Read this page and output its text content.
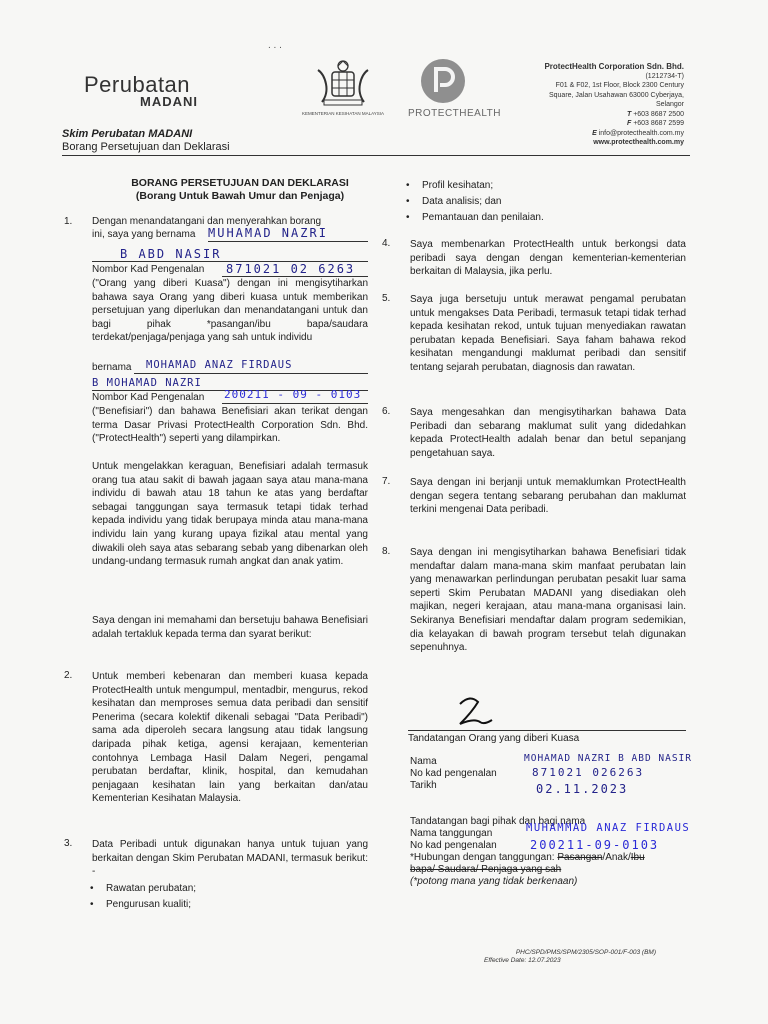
. . .
Perubatan
MADANI
KEMENTERIAN KESIHATAN MALAYSIA PROTECTHEALTH
ProtectHealth Corporation Sdn. Bhd.
(1212734-T)
F01 & F02, 1st Floor, Block 2300 Century
Square, Jalan Usahawan 63000 Cyberjaya,
Selangor
T +603 8687 2500
F +603 8687 2599
E info@protecthealth.com.my
www.protecthealth.com.my
Skim Perubatan MADANI
Borang Persetujuan dan Deklarasi
BORANG PERSETUJUAN DAN DEKLARASI
(Borang Untuk Bawah Umur dan Penjaga)
1. Dengan menandatangani dan menyerahkan borang
ini, saya yang bernama MUHAMAD NAZRI
B ABD NASIR
Nombor Kad Pengenalan 871021 02 6263
("Orang yang diberi Kuasa") dengan ini mengisytiharkan bahawa saya Orang yang diberi kuasa untuk memberikan persetujuan yang diperlukan dan menandatangani untuk dan bagi pihak *pasangan/ibu bapa/saudara terdekat/penjaga/penjaga yang sah untuk individu
bernama MOHAMAD ANAZ FIRDAUS
B MOHAMAD NAZRI
Nombor Kad Pengenalan 200211 - 09 - 0103
("Benefisiari") dan bahawa Benefisiari akan terikat dengan terma Dasar Privasi ProtectHealth Corporation Sdn. Bhd. ("ProtectHealth") seperti yang dilampirkan.
Untuk mengelakkan keraguan, Benefisiari adalah termasuk orang tua atau sakit di bawah jagaan saya atau mana-mana individu di bawah atau 18 tahun ke atas yang berdaftar sebagai tanggungan saya termasuk tetapi tidak terhad kepada individu yang tidak berupaya minda atau mana-mana individu lain yang kurang upaya fizikal atau mental yang diwakili oleh saya atas sebarang sebab yang dibenarkan oleh undang-undang termasuk rumah angkat dan anak yatim.
Saya dengan ini memahami dan bersetuju bahawa Benefisiari adalah tertakluk kepada terma dan syarat berikut:
2. Untuk memberi kebenaran dan memberi kuasa kepada ProtectHealth untuk mengumpul, mentadbir, mengurus, rekod kesihatan dan memproses semua data peribadi dan sensitif Penerima (secara kolektif dikenali sebagai "Data Peribadi") sama ada diperoleh secara langsung atau tidak langsung daripada pihak ketiga, agensi kerajaan, kementerian contohnya Lembaga Hasil Dalam Negeri, pengamal perubatan berdaftar, klinik, hospital, dan kemudahan penjagaan kesihatan lain yang berkaitan dan/atau Kementerian Kesihatan Malaysia.
3. Data Peribadi untuk digunakan hanya untuk tujuan yang berkaitan dengan Skim Perubatan MADANI, termasuk berikut: -
• Rawatan perubatan;
• Pengurusan kualiti;
• Profil kesihatan;
• Data analisis; dan
• Pemantauan dan penilaian.
4. Saya membenarkan ProtectHealth untuk berkongsi data peribadi saya dengan dengan kementerian-kementerian berkaitan di Malaysia, jika perlu.
5. Saya juga bersetuju untuk merawat pengamal perubatan untuk mengakses Data Peribadi, termasuk tetapi tidak terhad kepada kesihatan rekod, untuk tujuan menyediakan rawatan perubatan kepada Benefisiari. Saya faham bahawa rekod kesihatan mengandungi maklumat peribadi dan sensitif tentang sejarah perubatan, diagnosis dan rawatan.
6. Saya mengesahkan dan mengisytiharkan bahawa Data Peribadi dan sebarang maklumat sulit yang didedahkan kepada ProtectHealth adalah benar dan betul sepanjang pengetahuan saya.
7. Saya dengan ini berjanji untuk memaklumkan ProtectHealth dengan segera tentang sebarang perubahan dan maklumat terkini mengenai Data peribadi.
8. Saya dengan ini mengisytiharkan bahawa Benefisiari tidak mendaftar dalam mana-mana skim manfaat perubatan lain yang menawarkan perlindungan perubatan pesakit luar sama seperti Skim Perubatan MADANI yang disediakan oleh majikan, negeri kerajaan, atau mana-mana organisasi lain. Sekiranya Benefisiari mendaftar dalam program sedemikian, dia kelayakan di bawah program tersebut telah digunakan sepenuhnya.
Tandatangan Orang yang diberi Kuasa
Nama
No kad pengenalan
Tarikh
MOHAMAD NAZRI B ABD NASIR
871021 026263
02.11.2023
Tandatangan bagi pihak dan bagi nama
Nama tanggungan
No kad pengenalan
MUHAMMAD ANAZ FIRDAUS
200211-09-0103
*Hubungan dengan tanggungan: Pasangan/Anak/Ibu
bapa/ Saudara/ Penjaga yang sah
(*potong mana yang tidak berkenaan)
PHC/SPD/PMS/SPM/2305/SOP-001/F-003 (BM)
Effective Date: 12.07.2023
